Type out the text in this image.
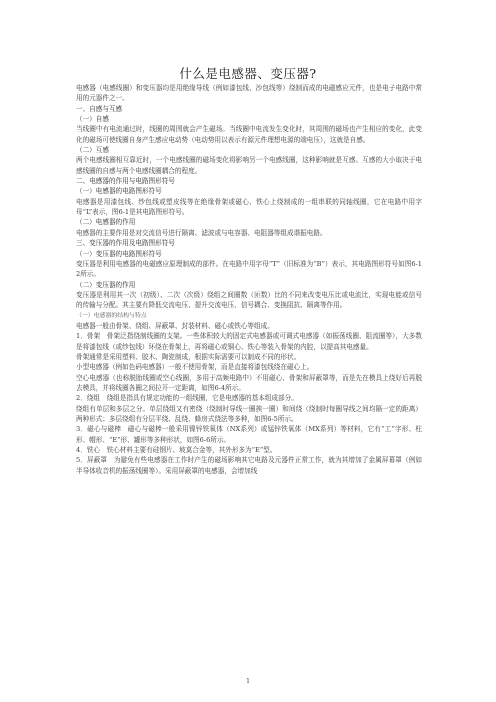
什么是电感器、变压器?

电感器（电感线圈）和变压器均是用绝缘导线（例如漆包线、沙包线等）绕制而成的电磁感应元件，也是电子电路中常用的元器件之一。

一、自感与互感

（一）自感

当线圈中有电流通过时，线圈的周围就会产生磁场。当线圈中电流发生变化时，其周围的磁场也产生相应的变化，此变化的磁场可使线圈自身产生感应电动势（电动势用以表示有源元件理想电源的端电压），这就是自感。

（二）互感

两个电感线圈相互靠近时，一个电感线圈的磁场变化将影响另一个电感线圈，这种影响就是互感。互感的大小取决于电感线圈的自感与两个电感线圈耦合的程度。

二、电感器的作用与电路图形符号

（一）电感器的电路图形符号

电感器是用漆包线、纱包线或塑皮线等在绝缘骨架或磁心、铁心上绕制成的一组串联的同轴线圈，它在电路中用字母“L”表示，图6-1是其电路图形符号。

（二）电感器的作用

电感器的主要作用是对交流信号进行隔离、滤波或与电容器、电阻器等组成谐振电路。

三、变压器的作用及电路图形符号

（一）变压器的电路图形符号

变压器是利用电感器的电磁感应原理制成的部件。在电路中用字母“T”（旧标准为“B”）表示，其电路图形符号如图6-12所示。

（二）变压器的作用

变压器是利用其一次（初级）、二次（次级）绕组之间圈数（匝数）比的不同来改变电压比或电流比，实现电能或信号的传输与分配。其主要有降低交流电压、提升交流电压、信号耦合、变换阻抗、隔离等作用。

（一）电感器的结构与特点

电感器一般由骨架、绕组、屏蔽罩、封装材料、磁心或铁心等组成。

1．骨架　骨架泛指绕制线圈的支架。一些体积较大的固定式电感器或可调式电感器（如振荡线圈、阻流圈等），大多数是将漆包线（或纱包线）环绕在骨架上，再将磁心或铜心、铁心等装入骨架的内腔，以提高其电感量。

骨架通常是采用塑料、胶木、陶瓷制成，根据实际需要可以制成不同的形状。

小型电感器（例如色码电感器）一般不使用骨架，而是直接将漆包线绕在磁心上。

空心电感器（也称脱胎线圈或空心线圈，多用于高频电路中）不用磁心、骨架和屏蔽罩等，而是先在模具上绕好后再脱去模具，并将线圈各圈之间拉开一定距离，如图6-4所示。

2．绕组　绕组是指具有规定功能的一组线圈，它是电感器的基本组成部分。

绕组有单层和多层之分。单层绕组又有密绕（绕制时导线一圈挨一圈）和间绕（绕制时每圈导线之间均隔一定的距离）两种形式；多层绕组有分层平绕、乱绕、蜂房式绕法等多种，如图6-5所示。

3．磁心与磁棒　磁心与磁棒一般采用镍锌铁氧体（NX系列）或锰锌铁氧体（MX系列）等材料，它有“工”字形、柱形、帽形、“E”形、罐形等多种形状，如图6-6所示。

4．铁心　铁心材料主要有硅钢片、坡莫合金等，其外形多为“E”型。

5．屏蔽罩　为避免有些电感器在工作时产生的磁场影响其它电路及元器件正常工作，就为其增加了金属屏幕罩（例如半导体收音机的振荡线圈等）。采用屏蔽罩的电感器，会增加线

1
